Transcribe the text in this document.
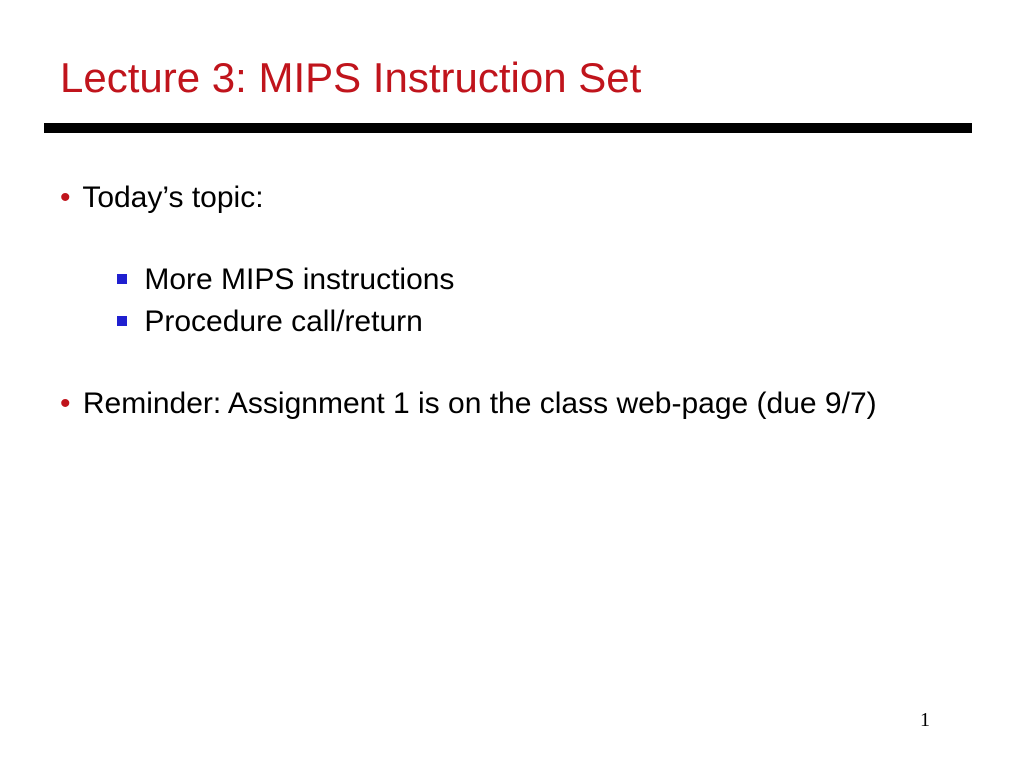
Lecture 3: MIPS Instruction Set
• Today’s topic:
More MIPS instructions
Procedure call/return
• Reminder: Assignment 1 is on the class web-page (due 9/7)
1
